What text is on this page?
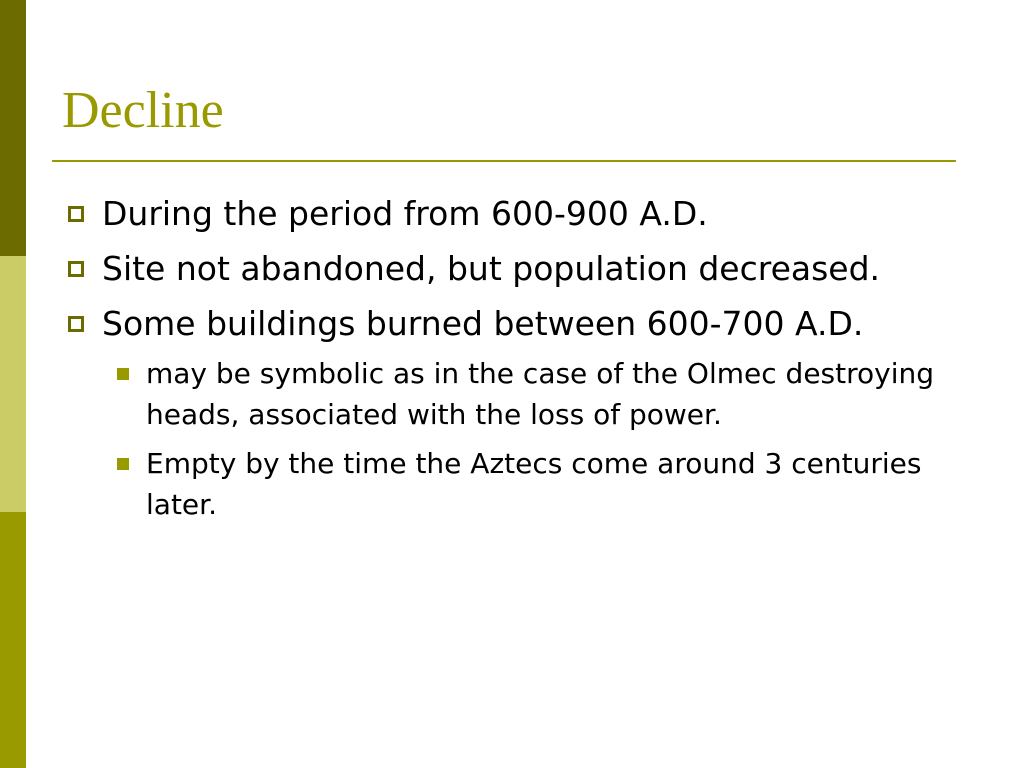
Decline
During the period from 600-900 A.D.
Site not abandoned, but population decreased.
Some buildings burned between 600-700 A.D.
may be symbolic as in the case of the Olmec destroying heads, associated with the loss of power.
Empty by the time the Aztecs come around 3 centuries later.
